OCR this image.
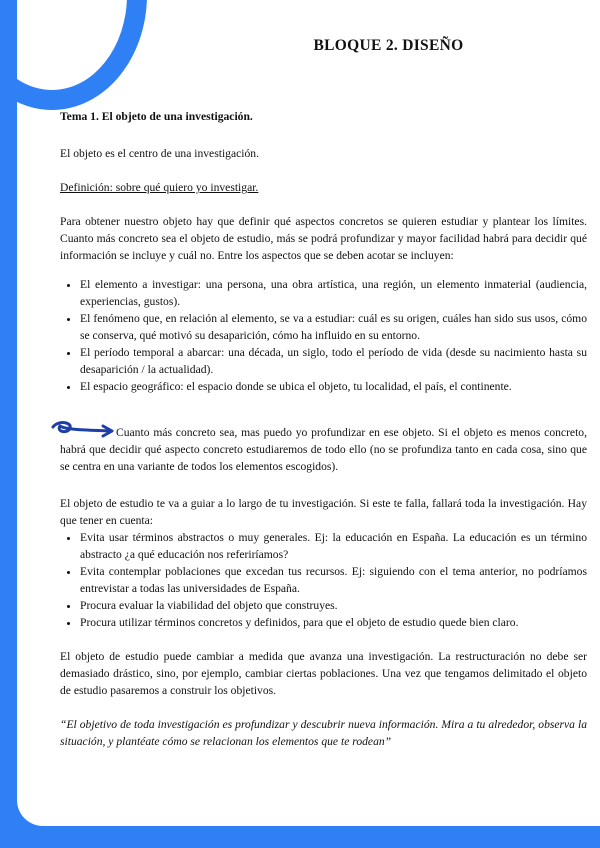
BLOQUE 2. DISEÑO

Tema 1. El objeto de una investigación.

El objeto es el centro de una investigación.

Definición: sobre qué quiero yo investigar.

Para obtener nuestro objeto hay que definir qué aspectos concretos se quieren estudiar y plantear los límites. Cuanto más concreto sea el objeto de estudio, más se podrá profundizar y mayor facilidad habrá para decidir qué información se incluye y cuál no. Entre los aspectos que se deben acotar se incluyen:

• El elemento a investigar: una persona, una obra artística, una región, un elemento inmaterial (audiencia, experiencias, gustos).
• El fenómeno que, en relación al elemento, se va a estudiar: cuál es su origen, cuáles han sido sus usos, cómo se conserva, qué motivó su desaparición, cómo ha influido en su entorno.
• El período temporal a abarcar: una década, un siglo, todo el período de vida (desde su nacimiento hasta su desaparición / la actualidad).
• El espacio geográfico: el espacio donde se ubica el objeto, tu localidad, el país, el continente.

Cuanto más concreto sea, mas puedo yo profundizar en ese objeto. Si el objeto es menos concreto, habrá que decidir qué aspecto concreto estudiaremos de todo ello (no se profundiza tanto en cada cosa, sino que se centra en una variante de todos los elementos escogidos).

El objeto de estudio te va a guiar a lo largo de tu investigación. Si este te falla, fallará toda la investigación. Hay que tener en cuenta:

• Evita usar términos abstractos o muy generales. Ej: la educación en España. La educación es un término abstracto ¿a qué educación nos referiríamos?
• Evita contemplar poblaciones que excedan tus recursos. Ej: siguiendo con el tema anterior, no podríamos entrevistar a todas las universidades de España.
• Procura evaluar la viabilidad del objeto que construyes.
• Procura utilizar términos concretos y definidos, para que el objeto de estudio quede bien claro.

El objeto de estudio puede cambiar a medida que avanza una investigación. La restructuración no debe ser demasiado drástico, sino, por ejemplo, cambiar ciertas poblaciones. Una vez que tengamos delimitado el objeto de estudio pasaremos a construir los objetivos.

“El objetivo de toda investigación es profundizar y descubrir nueva información. Mira a tu alrededor, observa la situación, y plantéate cómo se relacionan los elementos que te rodean”
